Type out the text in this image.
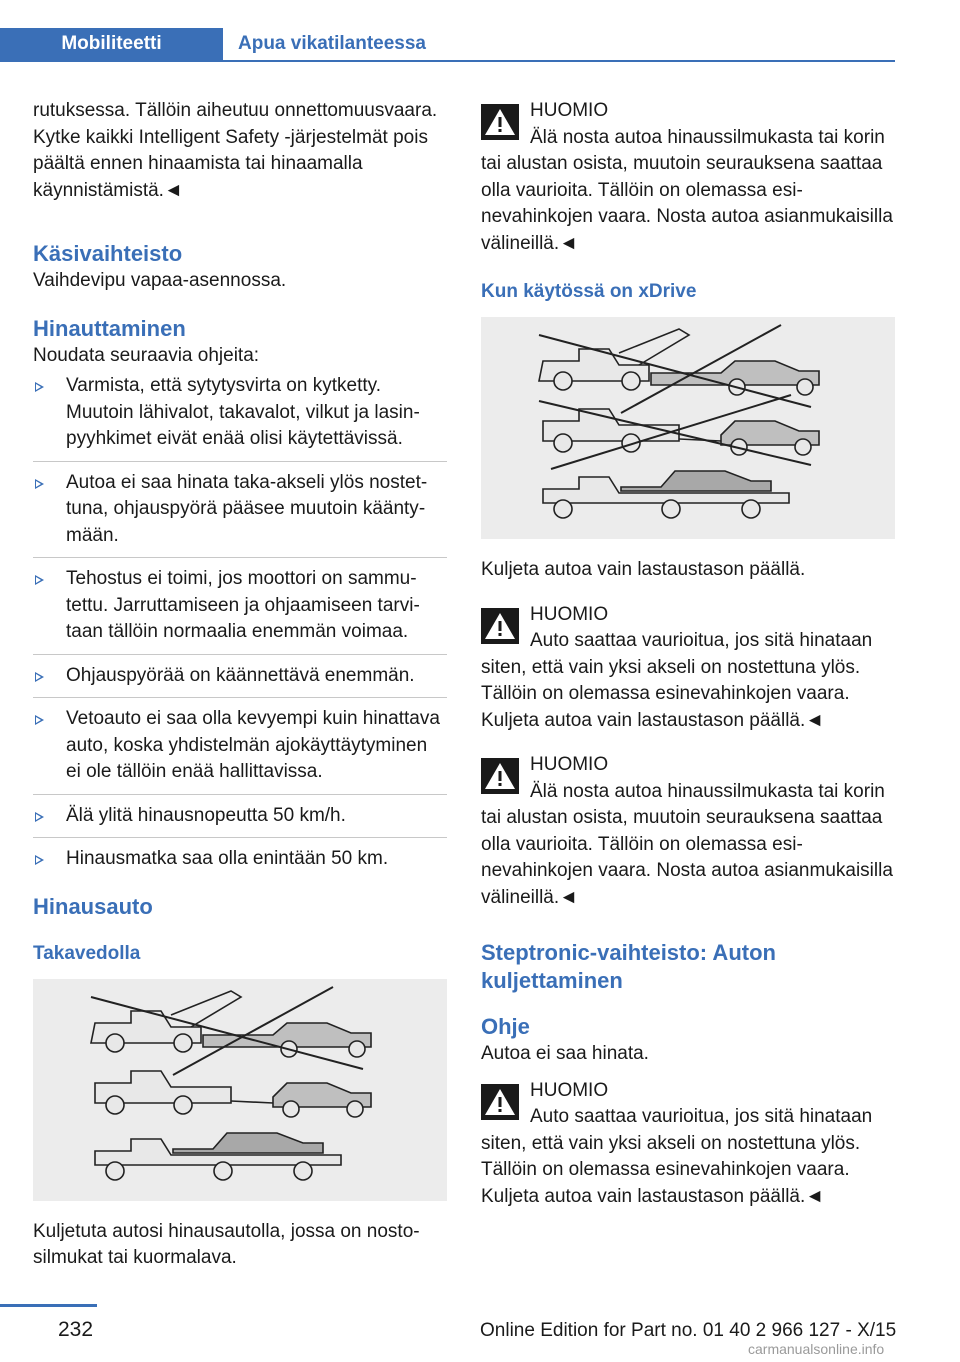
Mobiliteetti	Apua vikatilanteessa

rutuksessa. Tällöin aiheutuu onnettomuusvaara. Kytke kaikki Intelligent Safety -järjestelmät pois päältä ennen hinaamista tai hinaamalla käynnistämistä.◄

Käsivaihteisto

Vaihdevipu vapaa-asennossa.

Hinauttaminen

Noudata seuraavia ohjeita:

Varmista, että sytytysvirta on kytketty. Muutoin lähivalot, takavalot, vilkut ja lasinpyyhkimet eivät enää olisi käytettävissä.
Autoa ei saa hinata taka-akseli ylös nostettuna, ohjauspyörä pääsee muutoin kääntymään.
Tehostus ei toimi, jos moottori on sammutettu. Jarruttamiseen ja ohjaamiseen tarvitaan tällöin normaalia enemmän voimaa.
Ohjauspyörää on käännettävä enemmän.
Vetoauto ei saa olla kevyempi kuin hinattava auto, koska yhdistelmän ajokäyttäytyminen ei ole tällöin enää hallittavissa.
Älä ylitä hinausnopeutta 50 km/h.
Hinausmatka saa olla enintään 50 km.
Hinausauto
Takavedolla

Kuljetuta autosi hinausautolla, jossa on nostosilmukat tai kuormalava.

HUOMIO

Älä nosta autoa hinaussilmukasta tai korin tai alustan osista, muutoin seurauksena saattaa olla vaurioita. Tällöin on olemassa esinevahinkojen vaara. Nosta autoa asianmukaisilla välineillä.◄

Kun käytössä on xDrive

Kuljeta autoa vain lastaustason päällä.

HUOMIO

Auto saattaa vaurioitua, jos sitä hinataan siten, että vain yksi akseli on nostettuna ylös. Tällöin on olemassa esinevahinkojen vaara. Kuljeta autoa vain lastaustason päällä.◄

HUOMIO

Älä nosta autoa hinaussilmukasta tai korin tai alustan osista, muutoin seurauksena saattaa olla vaurioita. Tällöin on olemassa esinevahinkojen vaara. Nosta autoa asianmukaisilla välineillä.◄

Steptronic-vaihteisto: Auton kuljettaminen
Ohje

Autoa ei saa hinata.

HUOMIO

Auto saattaa vaurioitua, jos sitä hinataan siten, että vain yksi akseli on nostettuna ylös. Tällöin on olemassa esinevahinkojen vaara. Kuljeta autoa vain lastaustason päällä.◄

232	Online Edition for Part no. 01 40 2 966 127 - X/15
carmanualsonline.info
